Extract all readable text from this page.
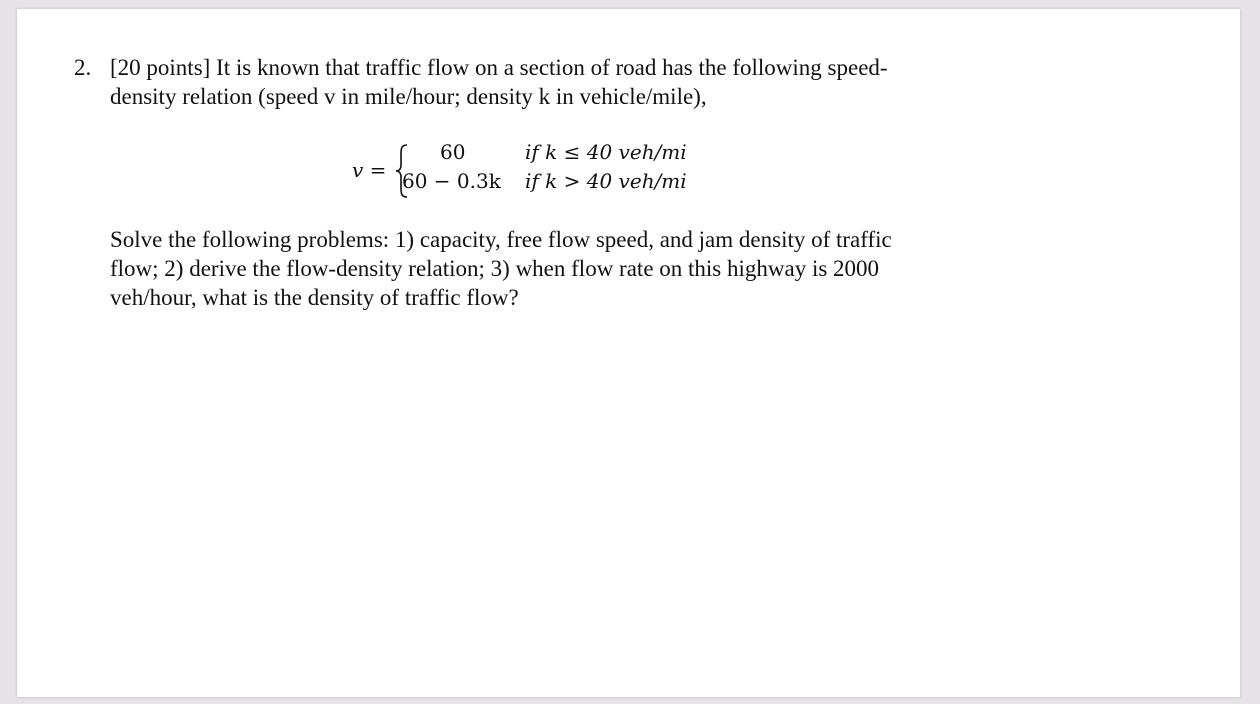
2. [20 points] It is known that traffic flow on a section of road has the following speed-
density relation (speed v in mile/hour; density k in vehicle/mile),
v =
60	if k ≤ 40 veh/mi
60 − 0.3k if k > 40 veh/mi
Solve the following problems: 1) capacity, free flow speed, and jam density of traffic
flow; 2) derive the flow-density relation; 3) when flow rate on this highway is 2000
veh/hour, what is the density of traffic flow?
